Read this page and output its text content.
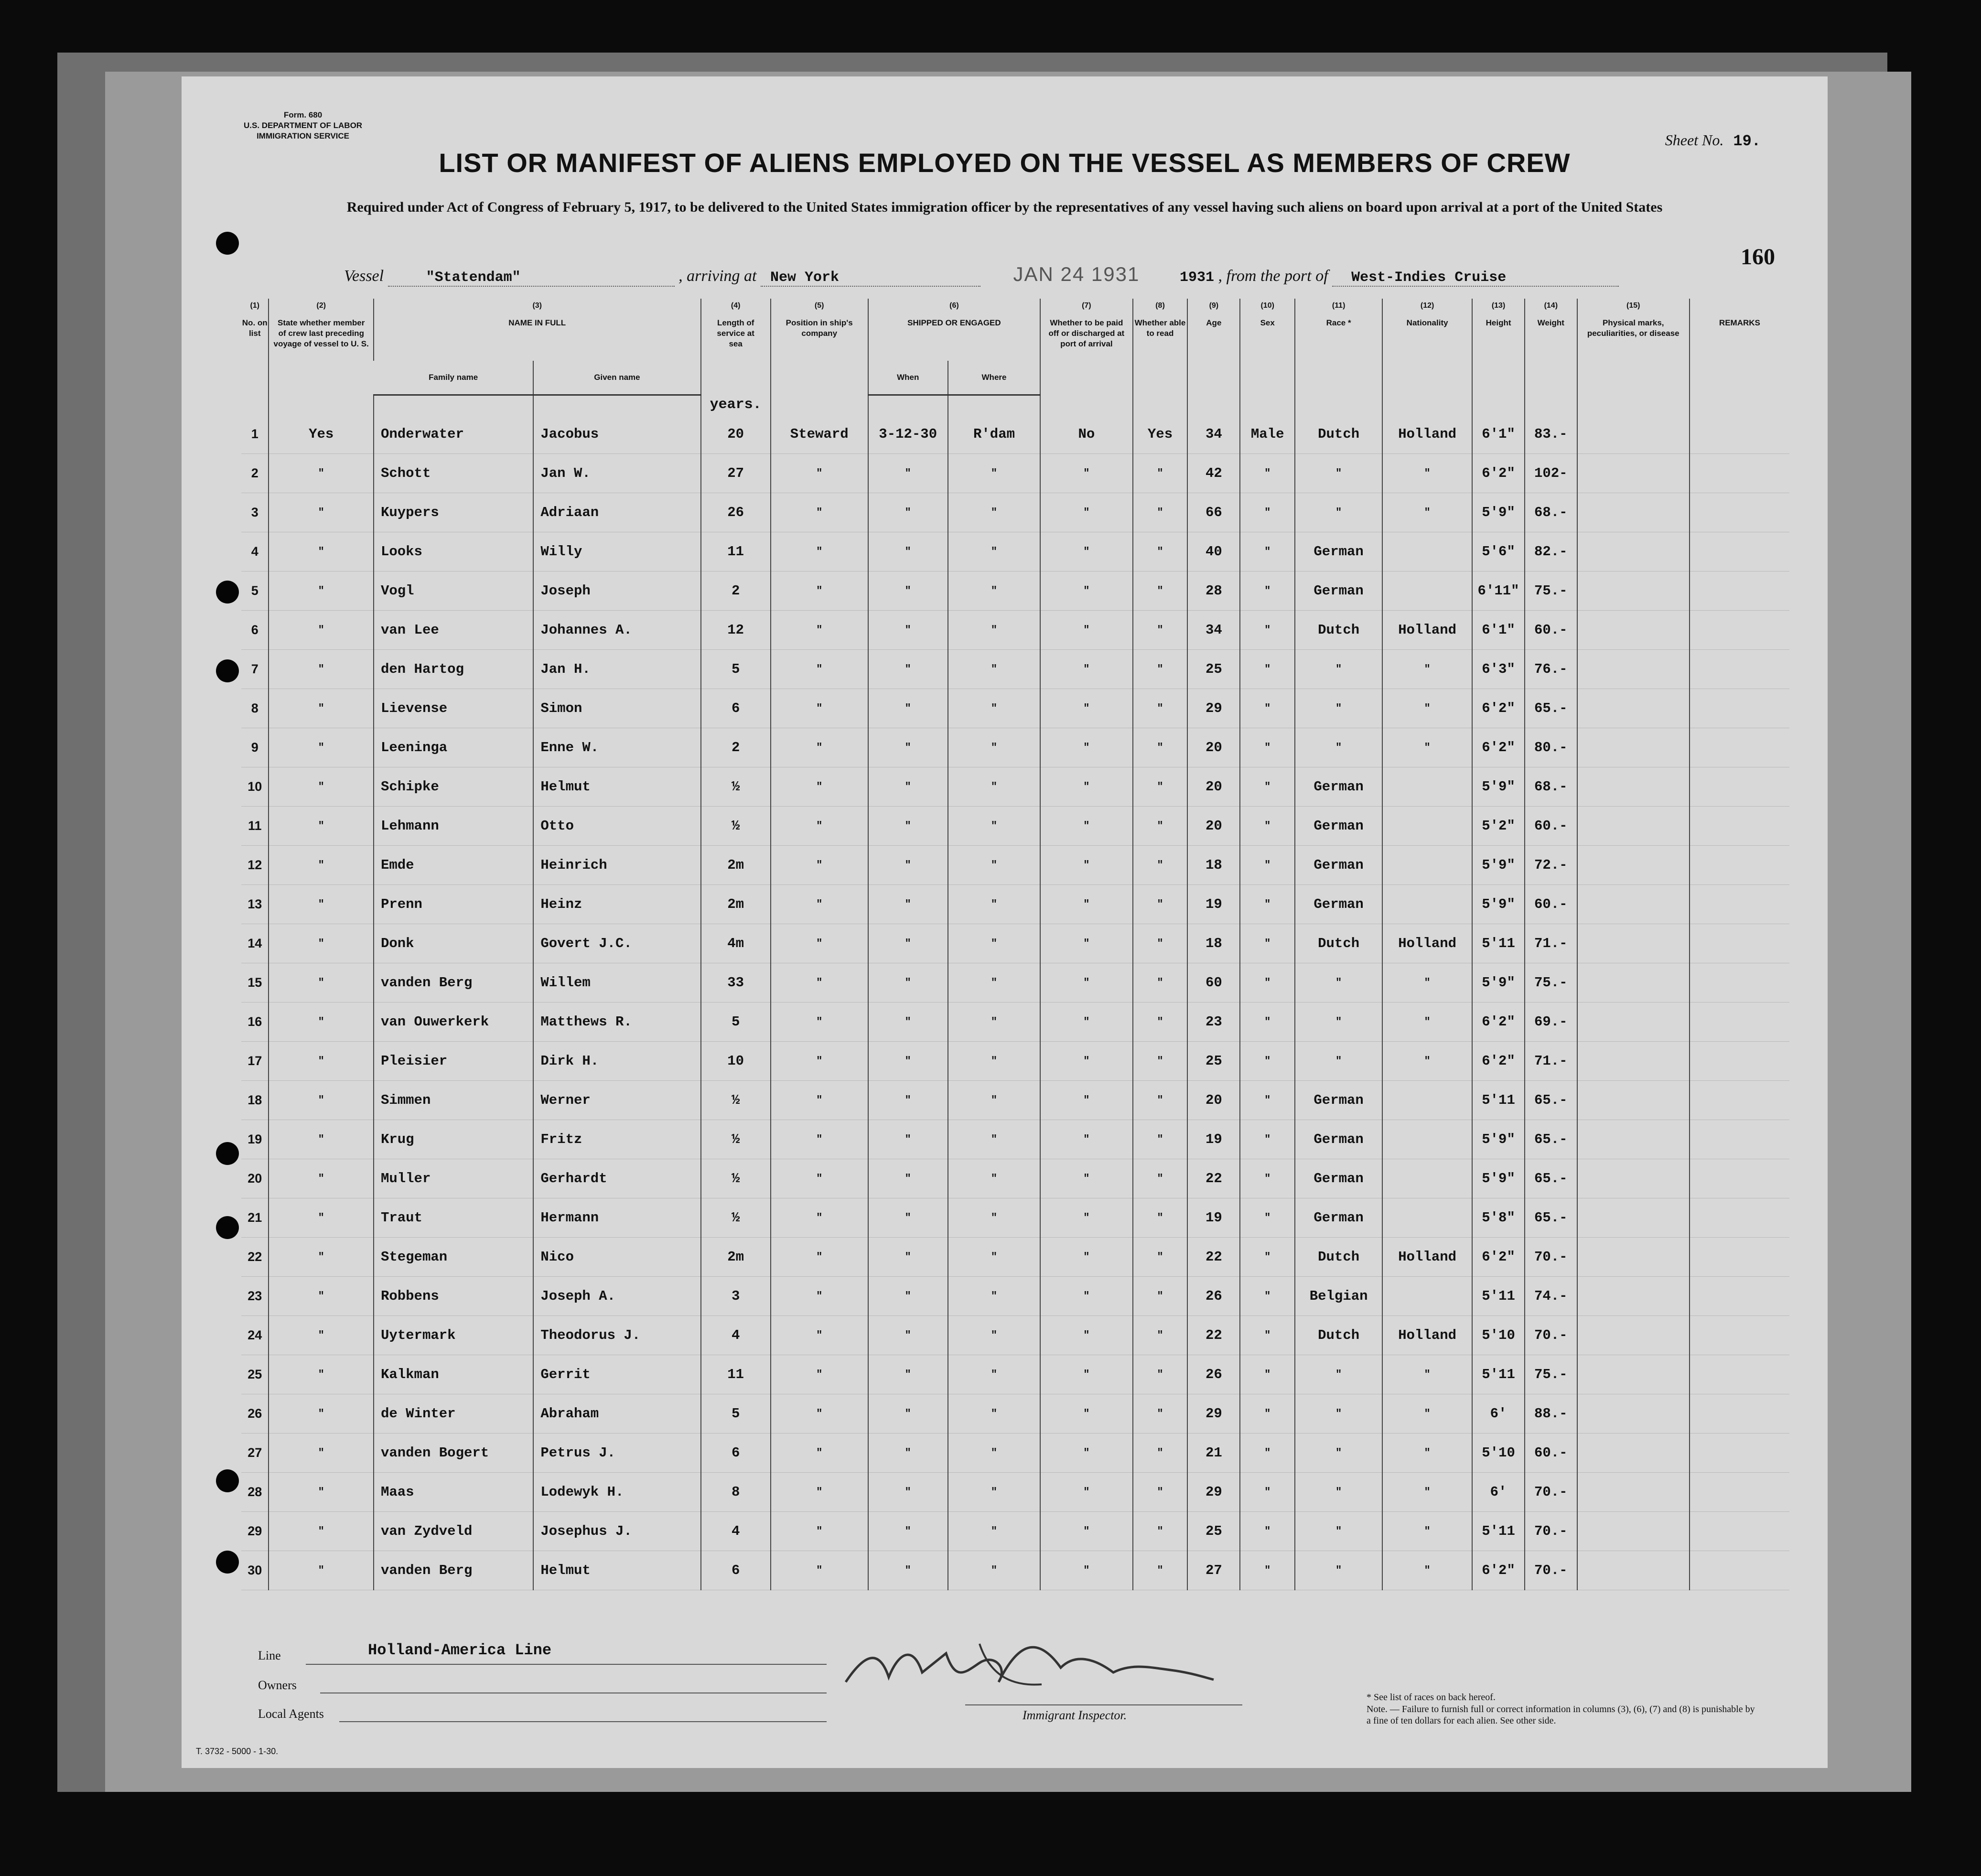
Form. 680
U.S. DEPARTMENT OF LABOR
IMMIGRATION SERVICE	Sheet No. 19.
LIST OR MANIFEST OF ALIENS EMPLOYED ON THE VESSEL AS MEMBERS OF CREW
Required under Act of Congress of February 5, 1917, to be delivered to the United States immigration officer by the representatives of any vessel having such aliens on board upon arrival at a port of the United States
Vessel	"Statendam"	, arriving at New York	JAN 24 1931	1931 , from the port of West-Indies Cruise
160
(1)
No. on list	(2)
State whether member of crew last preceding voyage of vessel to U. S.	(3)
NAME IN FULL		(4)
Length of service at sea	(5)
Position in ship's company	(6)
SHIPPED OR ENGAGED		(7)
Whether to be paid off or discharged at port of arrival	(8)
Whether able to read	(9)
Age	(10)
Sex	(11)
Race *	(12)
Nationality	(13)
Height	(14)
Weight	(15)
Physical marks, peculiarities, or disease	REMARKS
		Family name	Given name			When	Where										
				years.													
1	Yes	Onderwater	Jacobus	20	Steward	3-12-30	R'dam	No	Yes	34	Male	Dutch	Holland	6'1"	83.-		
2	"	Schott	Jan W.	27	"	"	"	"	"	42	"	"	"	6'2"	102-		
3	"	Kuypers	Adriaan	26	"	"	"	"	"	66	"	"	"	5'9"	68.-		
4	"	Looks	Willy	11	"	"	"	"	"	40	"	German		5'6"	82.-		
5	"	Vogl	Joseph	2	"	"	"	"	"	28	"	German		6'11"	75.-		
6	"	van Lee	Johannes A.	12	"	"	"	"	"	34	"	Dutch	Holland	6'1"	60.-		
7	"	den Hartog	Jan H.	5	"	"	"	"	"	25	"	"	"	6'3"	76.-		
8	"	Lievense	Simon	6	"	"	"	"	"	29	"	"	"	6'2"	65.-		
9	"	Leeninga	Enne W.	2	"	"	"	"	"	20	"	"	"	6'2"	80.-		
10	"	Schipke	Helmut	½	"	"	"	"	"	20	"	German		5'9"	68.-		
11	"	Lehmann	Otto	½	"	"	"	"	"	20	"	German		5'2"	60.-		
12	"	Emde	Heinrich	2m	"	"	"	"	"	18	"	German		5'9"	72.-		
13	"	Prenn	Heinz	2m	"	"	"	"	"	19	"	German		5'9"	60.-		
14	"	Donk	Govert J.C.	4m	"	"	"	"	"	18	"	Dutch	Holland	5'11	71.-		
15	"	vanden Berg	Willem	33	"	"	"	"	"	60	"	"	"	5'9"	75.-		
16	"	van Ouwerkerk	Matthews R.	5	"	"	"	"	"	23	"	"	"	6'2"	69.-		
17	"	Pleisier	Dirk H.	10	"	"	"	"	"	25	"	"	"	6'2"	71.-		
18	"	Simmen	Werner	½	"	"	"	"	"	20	"	German		5'11	65.-		
19	"	Krug	Fritz	½	"	"	"	"	"	19	"	German		5'9"	65.-		
20	"	Muller	Gerhardt	½	"	"	"	"	"	22	"	German		5'9"	65.-		
21	"	Traut	Hermann	½	"	"	"	"	"	19	"	German		5'8"	65.-		
22	"	Stegeman	Nico	2m	"	"	"	"	"	22	"	Dutch	Holland	6'2"	70.-		
23	"	Robbens	Joseph A.	3	"	"	"	"	"	26	"	Belgian		5'11	74.-		
24	"	Uytermark	Theodorus J.	4	"	"	"	"	"	22	"	Dutch	Holland	5'10	70.-		
25	"	Kalkman	Gerrit	11	"	"	"	"	"	26	"	"	"	5'11	75.-		
26	"	de Winter	Abraham	5	"	"	"	"	"	29	"	"	"	6'	88.-		
27	"	vanden Bogert	Petrus J.	6	"	"	"	"	"	21	"	"	"	5'10	60.-		
28	"	Maas	Lodewyk H.	8	"	"	"	"	"	29	"	"	"	6'	70.-		
29	"	van Zydveld	Josephus J.	4	"	"	"	"	"	25	"	"	"	5'11	70.-		
30	"	vanden Berg	Helmut	6	"	"	"	"	"	27	"	"	"	6'2"	70.-		
Line	Holland-America Line
Owners
Local Agents	Immigrant Inspector.
* See list of races on back hereof.
Note. — Failure to furnish full or correct information in columns (3), (6), (7) and (8) is punishable by a fine of ten dollars for each alien. See other side.
T. 3732 - 5000 - 1-30.
